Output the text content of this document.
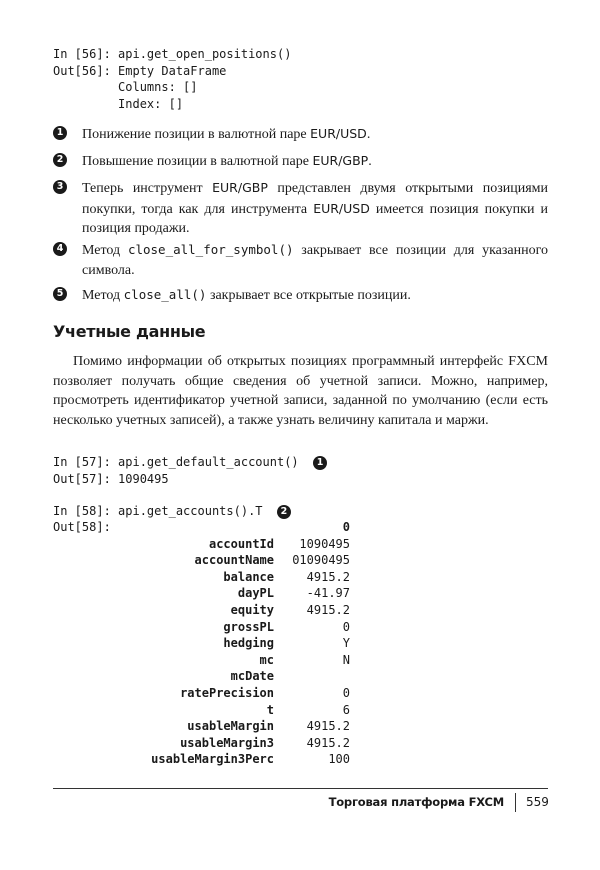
In [56]: api.get_open_positions()
Out[56]: Empty DataFrame
Columns: []
Index: []
1 Понижение позиции в валютной паре EUR/USD.
2 Повышение позиции в валютной паре EUR/GBP.
3 Теперь инструмент EUR/GBP представлен двумя открытыми позициями покупки, тогда как для инструмента EUR/USD имеется позиция покупки и позиция продажи.
4 Метод close_all_for_symbol() закрывает все позиции для указанного символа.
5 Метод close_all() закрывает все открытые позиции.
Учетные данные
Помимо информации об открытых позициях программный интерфейс FXCM позволяет получать общие сведения об учетной записи. Можно, например, просмотреть идентификатор учетной записи, заданной по умолчанию (если есть несколько учетных записей), а также узнать величину капитала и маржи.
In [57]: api.get_default_account() 1
Out[57]: 1090495
In [58]: api.get_accounts().T 2
Out[58]:	0
accountId	1090495
accountName	01090495
balance	4915.2
dayPL	-41.97
equity	4915.2
grossPL	0
hedging	Y
mc	N
mcDate
ratePrecision	0
t	6
usableMargin	4915.2
usableMargin3	4915.2
usableMargin3Perc	100
Торговая платформа FXCM 559
